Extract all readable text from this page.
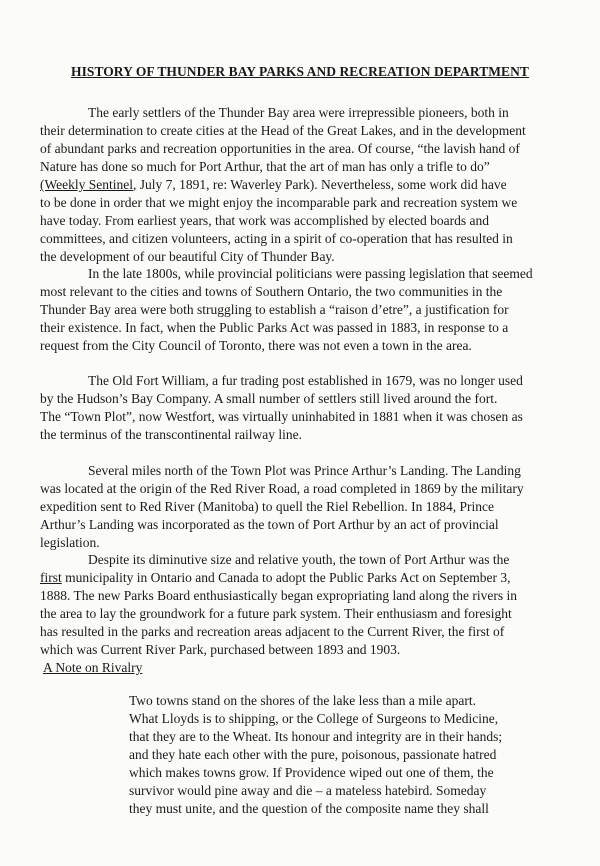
HISTORY OF THUNDER BAY PARKS AND RECREATION DEPARTMENT
The early settlers of the Thunder Bay area were irrepressible pioneers, both in
their determination to create cities at the Head of the Great Lakes, and in the development
of abundant parks and recreation opportunities in the area. Of course, “the lavish hand of
Nature has done so much for Port Arthur, that the art of man has only a trifle to do”
(Weekly Sentinel, July 7, 1891, re: Waverley Park). Nevertheless, some work did have
to be done in order that we might enjoy the incomparable park and recreation system we
have today. From earliest years, that work was accomplished by elected boards and
committees, and citizen volunteers, acting in a spirit of co-operation that has resulted in
the development of our beautiful City of Thunder Bay.
In the late 1800s, while provincial politicians were passing legislation that seemed
most relevant to the cities and towns of Southern Ontario, the two communities in the
Thunder Bay area were both struggling to establish a “raison d’etre”, a justification for
their existence. In fact, when the Public Parks Act was passed in 1883, in response to a
request from the City Council of Toronto, there was not even a town in the area.
The Old Fort William, a fur trading post established in 1679, was no longer used
by the Hudson’s Bay Company. A small number of settlers still lived around the fort.
The “Town Plot”, now Westfort, was virtually uninhabited in 1881 when it was chosen as
the terminus of the transcontinental railway line.
Several miles north of the Town Plot was Prince Arthur’s Landing. The Landing
was located at the origin of the Red River Road, a road completed in 1869 by the military
expedition sent to Red River (Manitoba) to quell the Riel Rebellion. In 1884, Prince
Arthur’s Landing was incorporated as the town of Port Arthur by an act of provincial
legislation.
Despite its diminutive size and relative youth, the town of Port Arthur was the
first municipality in Ontario and Canada to adopt the Public Parks Act on September 3,
1888. The new Parks Board enthusiastically began expropriating land along the rivers in
the area to lay the groundwork for a future park system. Their enthusiasm and foresight
has resulted in the parks and recreation areas adjacent to the Current River, the first of
which was Current River Park, purchased between 1893 and 1903.
A Note on Rivalry
Two towns stand on the shores of the lake less than a mile apart.
What Lloyds is to shipping, or the College of Surgeons to Medicine,
that they are to the Wheat. Its honour and integrity are in their hands;
and they hate each other with the pure, poisonous, passionate hatred
which makes towns grow. If Providence wiped out one of them, the
survivor would pine away and die – a mateless hatebird. Someday
they must unite, and the question of the composite name they shall
